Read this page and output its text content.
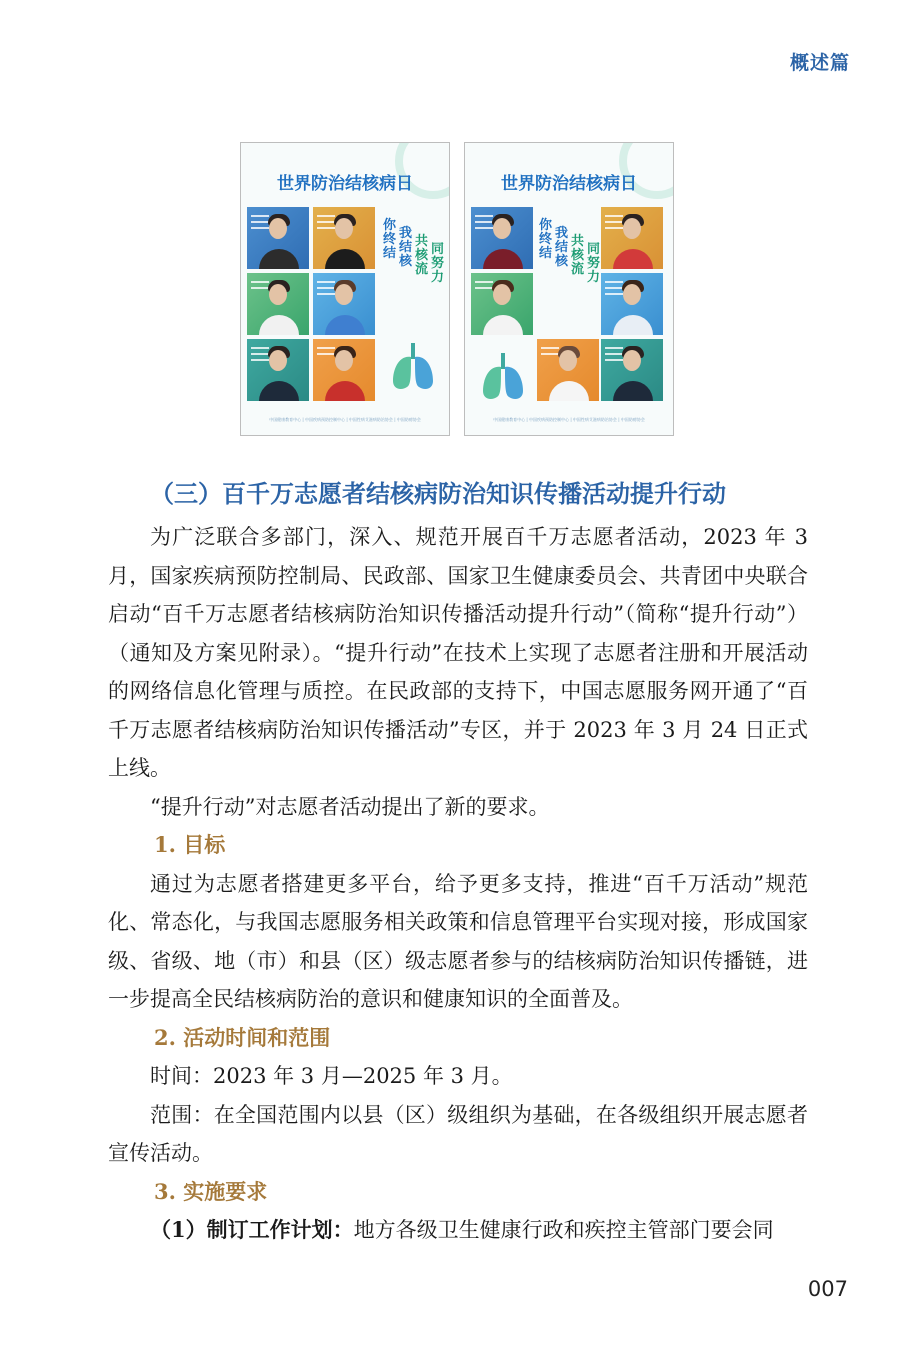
概述篇
世界防治结核病日
你
终
结
我
结
核
共
核
流
同
努
力
中国健康教育中心 | 中国疾病预防控制中心 | 中国性病艾滋病防治协会 | 中国防痨协会
世界防治结核病日
你
终
结
我
结
核
共
核
流
同
努
力
中国健康教育中心 | 中国疾病预防控制中心 | 中国性病艾滋病防治协会 | 中国防痨协会
（三）百千万志愿者结核病防治知识传播活动提升行动

为广泛联合多部门，深入、规范开展百千万志愿者活动，2023 年 3 月，国家疾病预防控制局、民政部、国家卫生健康委员会、共青团中央联合启动“百千万志愿者结核病防治知识传播活动提升行动”（简称“提升行动”）（通知及方案见附录）。“提升行动”在技术上实现了志愿者注册和开展活动的网络信息化管理与质控。在民政部的支持下，中国志愿服务网开通了“百千万志愿者结核病防治知识传播活动”专区，并于 2023 年 3 月 24 日正式上线。

“提升行动”对志愿者活动提出了新的要求。

1. 目标

通过为志愿者搭建更多平台，给予更多支持，推进“百千万活动”规范化、常态化，与我国志愿服务相关政策和信息管理平台实现对接，形成国家级、省级、地（市）和县（区）级志愿者参与的结核病防治知识传播链，进一步提高全民结核病防治的意识和健康知识的全面普及。

2. 活动时间和范围

时间：2023 年 3 月—2025 年 3 月。

范围：在全国范围内以县（区）级组织为基础，在各级组织开展志愿者宣传活动。

3. 实施要求

（1）制订工作计划：地方各级卫生健康行政和疾控主管部门要会同

007
